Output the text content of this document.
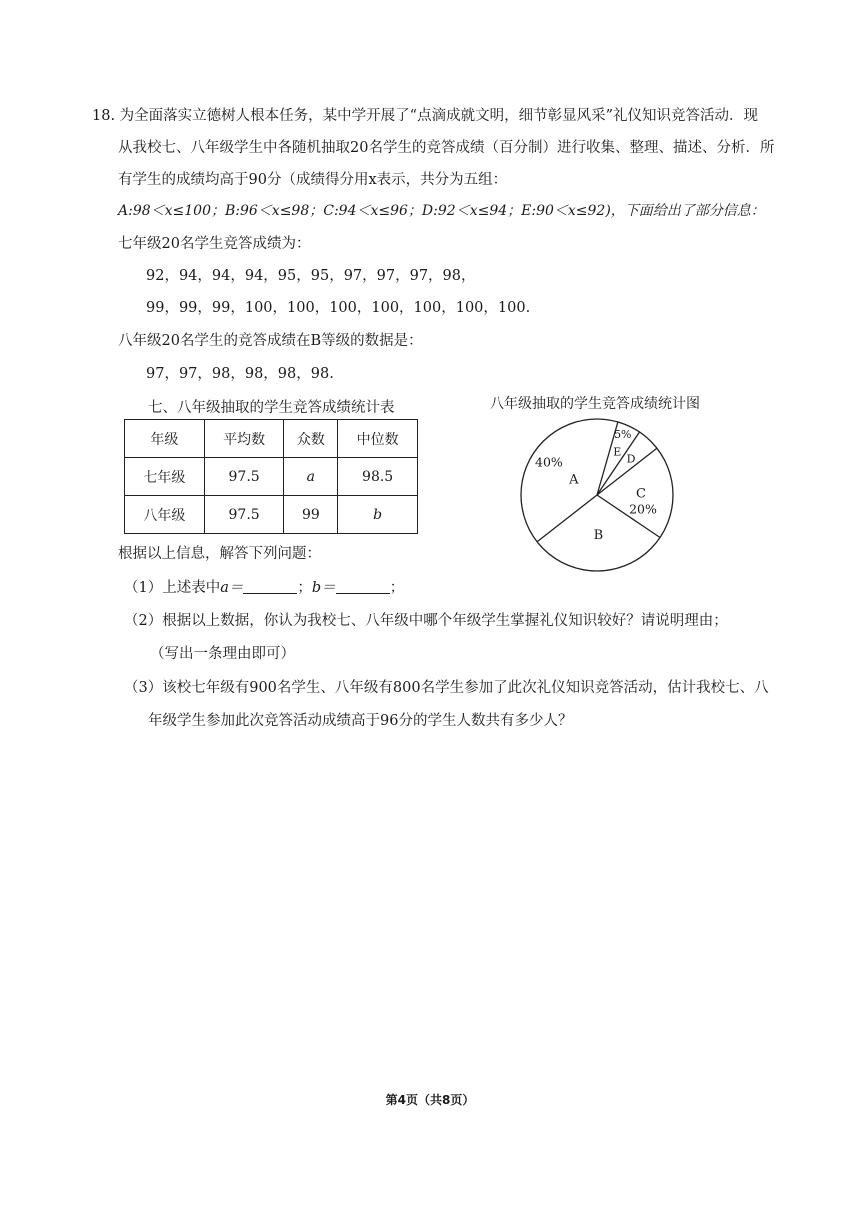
18. 为全面落实立德树人根本任务，某中学开展了“点滴成就文明，细节彰显风采”礼仪知识竞答活动．现
从我校七、八年级学生中各随机抽取20名学生的竞答成绩（百分制）进行收集、整理、描述、分析．所
有学生的成绩均高于90分（成绩得分用x表示，共分为五组：
A:98＜x≤100；B:96＜x≤98；C:94＜x≤96；D:92＜x≤94；E:90＜x≤92)，下面给出了部分信息：
七年级20名学生竞答成绩为：
92，94，94，94，95，95，97，97，97，98，
99，99，99，100，100，100，100，100，100，100.
八年级20名学生的竞答成绩在B等级的数据是：
97，97，98，98，98，98.
七、八年级抽取的学生竞答成绩统计表
年级	平均数	众数	中位数
七年级	97.5	a	98.5
八年级	97.5	99	b
八年级抽取的学生竞答成绩统计图
A
B
C
D
E
40%
20%
5%
根据以上信息，解答下列问题：
（1）上述表中a＝	；b＝	；
（2）根据以上数据，你认为我校七、八年级中哪个年级学生掌握礼仪知识较好？请说明理由；
（写出一条理由即可）
（3）该校七年级有900名学生、八年级有800名学生参加了此次礼仪知识竞答活动，估计我校七、八
年级学生参加此次竞答活动成绩高于96分的学生人数共有多少人？
第4页（共8页）
